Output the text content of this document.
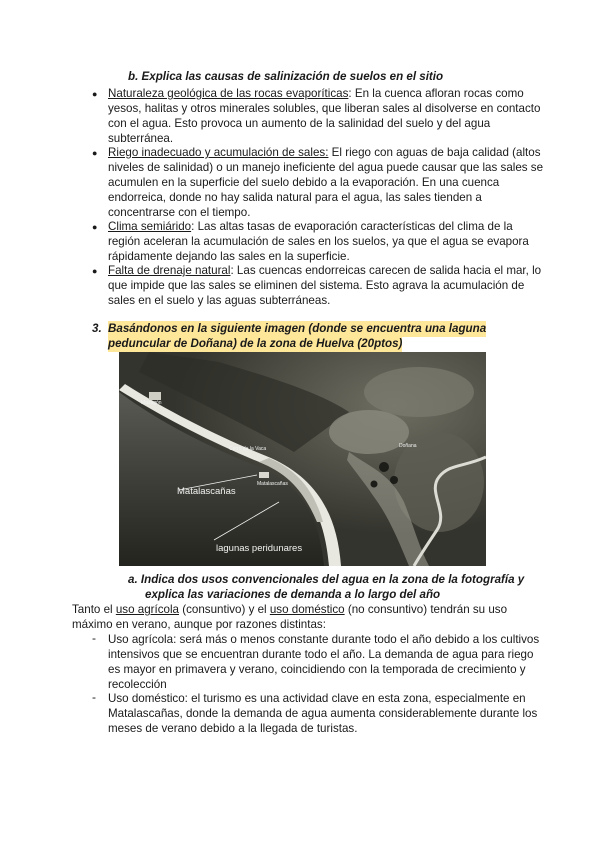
b. Explica las causas de salinización de suelos en el sitio
● Naturaleza geológica de las rocas evaporíticas: En la cuenca afloran rocas como
yesos, halitas y otros minerales solubles, que liberan sales al disolverse en contacto
con el agua. Esto provoca un aumento de la salinidad del suelo y del agua
subterránea.
● Riego inadecuado y acumulación de sales: El riego con aguas de baja calidad (altos
niveles de salinidad) o un manejo ineficiente del agua puede causar que las sales se
acumulen en la superficie del suelo debido a la evaporación. En una cuenca
endorreica, donde no hay salida natural para el agua, las sales tienden a
concentrarse con el tiempo.
● Clima semiárido: Las altas tasas de evaporación características del clima de la
región aceleran la acumulación de sales en los suelos, ya que el agua se evapora
rápidamente dejando las sales en la superficie.
● Falta de drenaje natural: Las cuencas endorreicas carecen de salida hacia el mar, lo
que impide que las sales se eliminen del sistema. Esto agrava la acumulación de
sales en el suelo y las aguas subterráneas.
3. Basándonos en la siguiente imagen (donde se encuentra una laguna
peduncular de Doñana) de la zona de Huelva (20ptos)
Matalascañas
lagunas peridunares
Matalascañas
Cerro de la Vaca
Mazagón
Doñana
a. Indica dos usos convencionales del agua en la zona de la fotografía y
explica las variaciones de demanda a lo largo del año
Tanto el uso agrícola (consuntivo) y el uso doméstico (no consuntivo) tendrán su uso
máximo en verano, aunque por razones distintas:
- Uso agrícola: será más o menos constante durante todo el año debido a los cultivos
intensivos que se encuentran durante todo el año. La demanda de agua para riego
es mayor en primavera y verano, coincidiendo con la temporada de crecimiento y
recolección
- Uso doméstico: el turismo es una actividad clave en esta zona, especialmente en
Matalascañas, donde la demanda de agua aumenta considerablemente durante los
meses de verano debido a la llegada de turistas.
